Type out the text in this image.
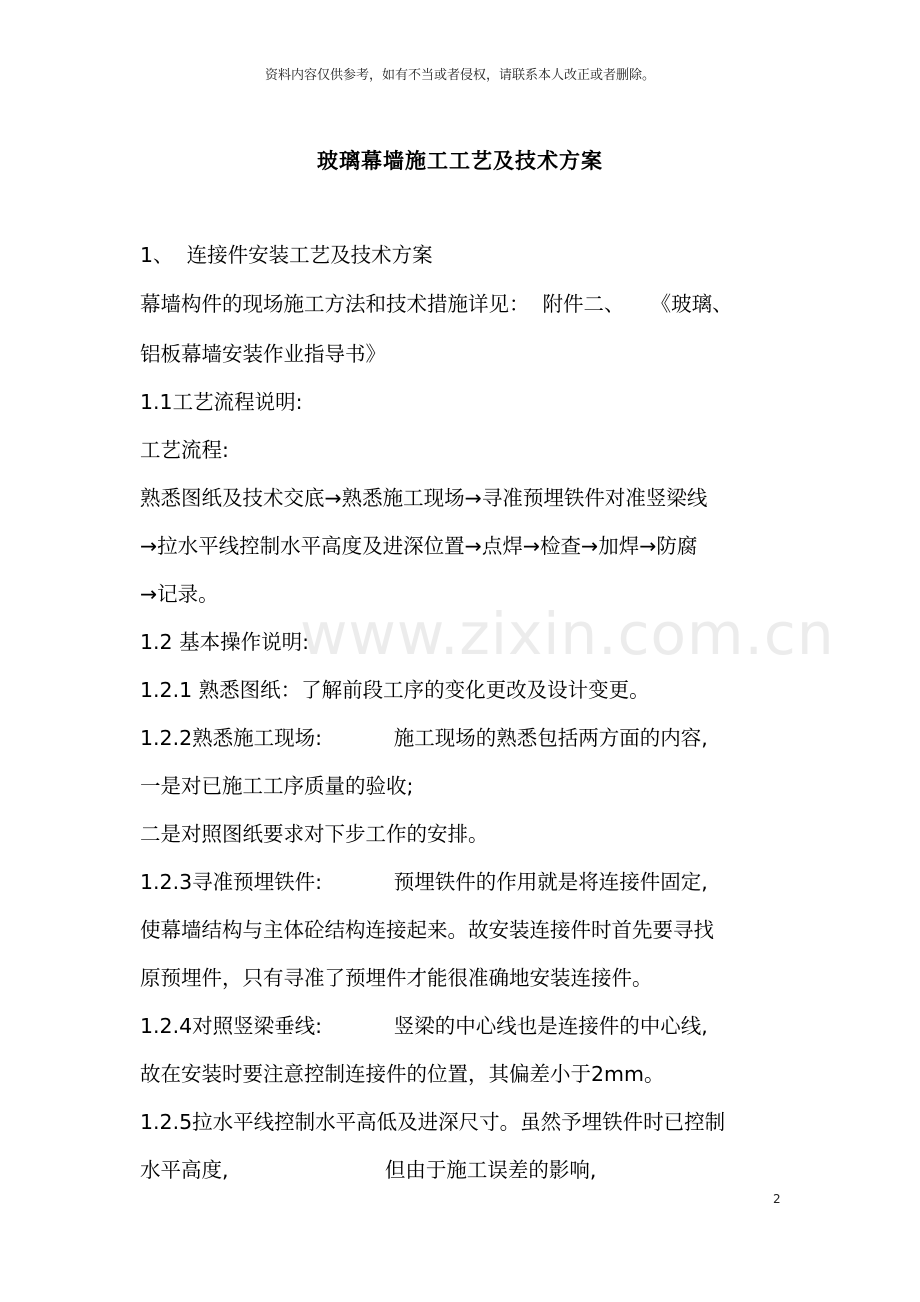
资料内容仅供参考，如有不当或者侵权，请联系本人改正或者删除。
玻璃幕墙施工工艺及技术方案
www.zixin.com.cn
1、  连接件安装工艺及技术方案
幕墙构件的现场施工方法和技术措施详见：  附件二、    《玻璃、
铝板幕墙安装作业指导书》
1.1工艺流程说明:
工艺流程:
熟悉图纸及技术交底→熟悉施工现场→寻准预埋铁件对准竖梁线
→拉水平线控制水平高度及进深位置→点焊→检查→加焊→防腐
→记录。
1.2 基本操作说明:
1.2.1 熟悉图纸：了解前段工序的变化更改及设计变更。
1.2.2熟悉施工现场:           施工现场的熟悉包括两方面的内容,
一是对已施工工序质量的验收;
二是对照图纸要求对下步工作的安排。
1.2.3寻准预埋铁件:           预埋铁件的作用就是将连接件固定,
使幕墙结构与主体砼结构连接起来。故安装连接件时首先要寻找
原预埋件，只有寻准了预埋件才能很准确地安装连接件。
1.2.4对照竖梁垂线:           竖梁的中心线也是连接件的中心线,
故在安装时要注意控制连接件的位置，其偏差小于2mm。
1.2.5拉水平线控制水平高低及进深尺寸。虽然予埋铁件时已控制
水平高度,                        但由于施工误差的影响,
2
